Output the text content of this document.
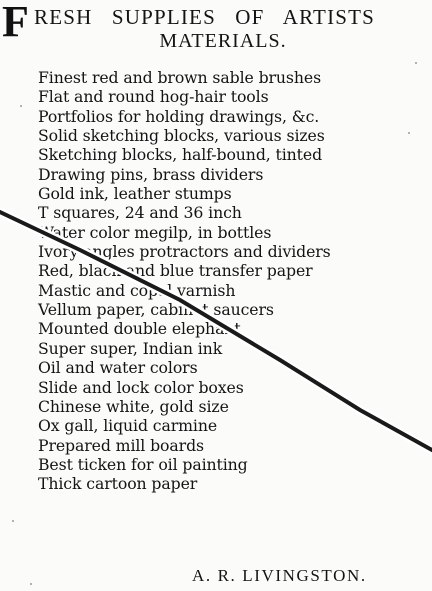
F RESH   SUPPLIES   OF   ARTISTS
MATERIALS.
Finest red and brown sable brushes
Flat and round hog-hair tools
Portfolios for holding drawings, &c.
Solid sketching blocks, various sizes
Sketching blocks, half-bound, tinted
Drawing pins, brass dividers
Gold ink, leather stumps
T squares, 24 and 36 inch
Water color megilp, in bottles
Ivory angles protractors and dividers
Red, black and blue transfer paper
Mastic and copal varnish
Vellum paper, cabinet saucers
Mounted double elephant
Super super, Indian ink
Oil and water colors
Slide and lock color boxes
Chinese white, gold size
Ox gall, liquid carmine
Prepared mill boards
Best ticken for oil painting
Thick cartoon paper
A. R. LIVINGSTON.
